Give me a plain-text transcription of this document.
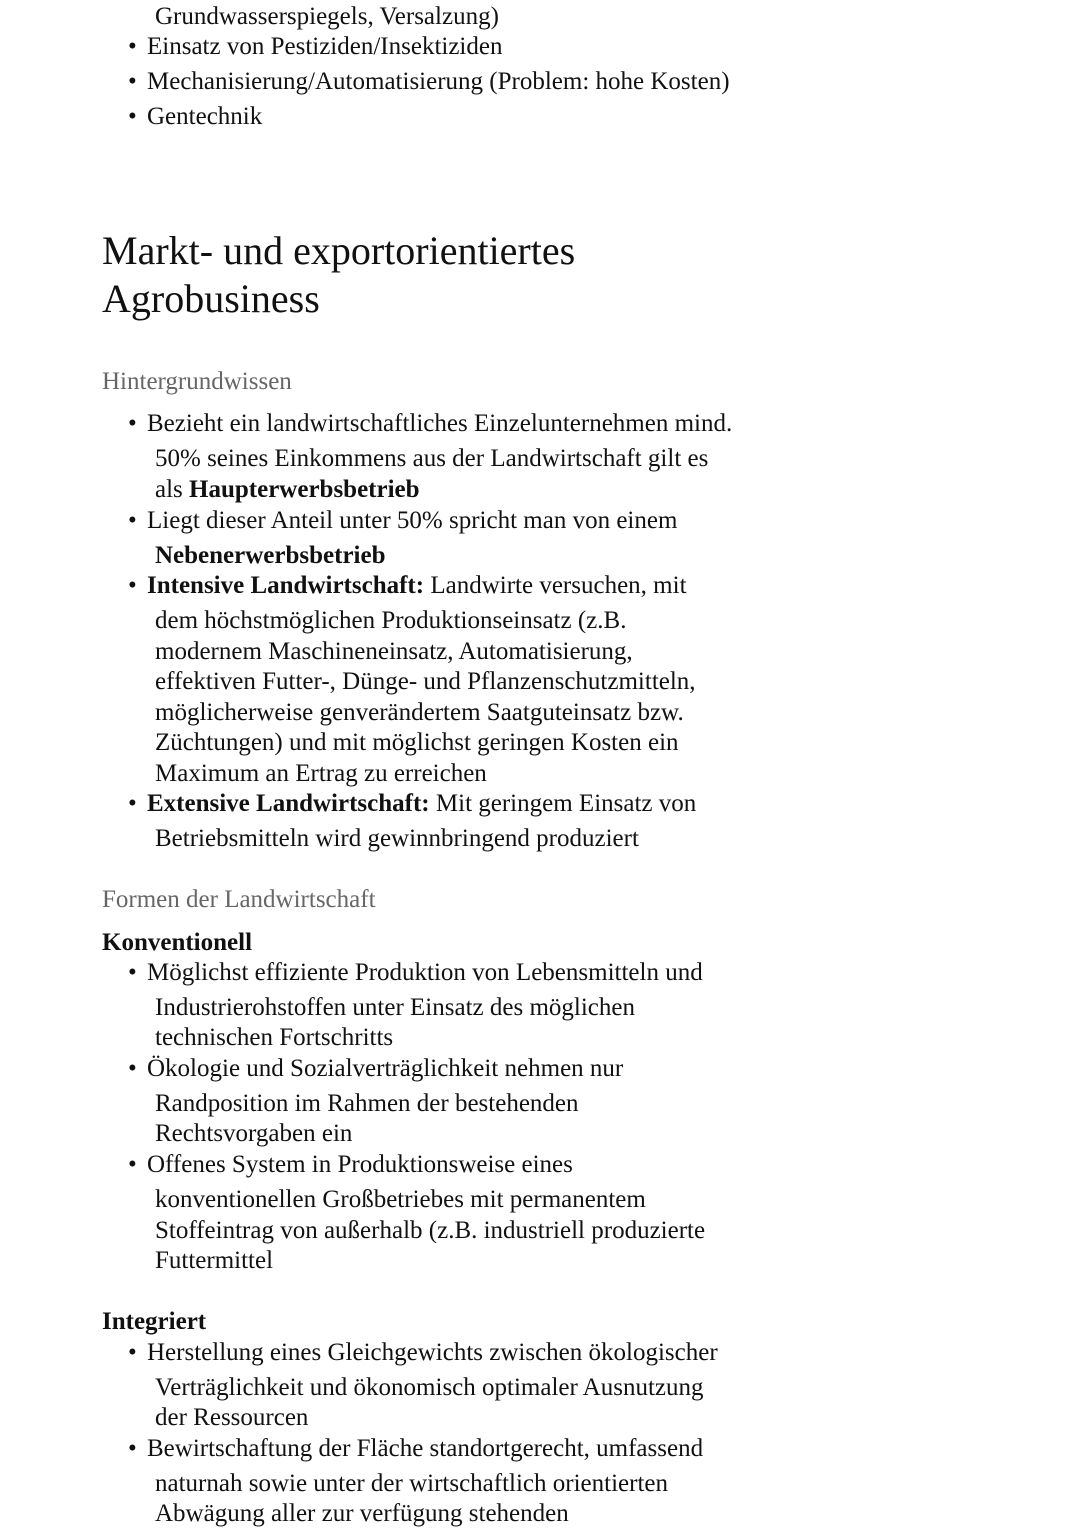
Grundwasserspiegels, Versalzung)
• Einsatz von Pestiziden/Insektiziden
• Mechanisierung/Automatisierung (Problem: hohe Kosten)
• Gentechnik
Markt- und exportorientiertes
Agrobusiness
Hintergrundwissen
• Bezieht ein landwirtschaftliches Einzelunternehmen mind.
50% seines Einkommens aus der Landwirtschaft gilt es
als Haupterwerbsbetrieb
• Liegt dieser Anteil unter 50% spricht man von einem
Nebenerwerbsbetrieb
• Intensive Landwirtschaft: Landwirte versuchen, mit
dem höchstmöglichen Produktionseinsatz (z.B.
modernem Maschineneinsatz, Automatisierung,
effektiven Futter-, Dünge- und Pflanzenschutzmitteln,
möglicherweise genverändertem Saatguteinsatz bzw.
Züchtungen) und mit möglichst geringen Kosten ein
Maximum an Ertrag zu erreichen
• Extensive Landwirtschaft: Mit geringem Einsatz von
Betriebsmitteln wird gewinnbringend produziert
Formen der Landwirtschaft
Konventionell
• Möglichst effiziente Produktion von Lebensmitteln und
Industrierohstoffen unter Einsatz des möglichen
technischen Fortschritts
• Ökologie und Sozialverträglichkeit nehmen nur
Randposition im Rahmen der bestehenden
Rechtsvorgaben ein
• Offenes System in Produktionsweise eines
konventionellen Großbetriebes mit permanentem
Stoffeintrag von außerhalb (z.B. industriell produzierte
Futtermittel
Integriert
• Herstellung eines Gleichgewichts zwischen ökologischer
Verträglichkeit und ökonomisch optimaler Ausnutzung
der Ressourcen
• Bewirtschaftung der Fläche standortgerecht, umfassend
naturnah sowie unter der wirtschaftlich orientierten
Abwägung aller zur verfügung stehenden
